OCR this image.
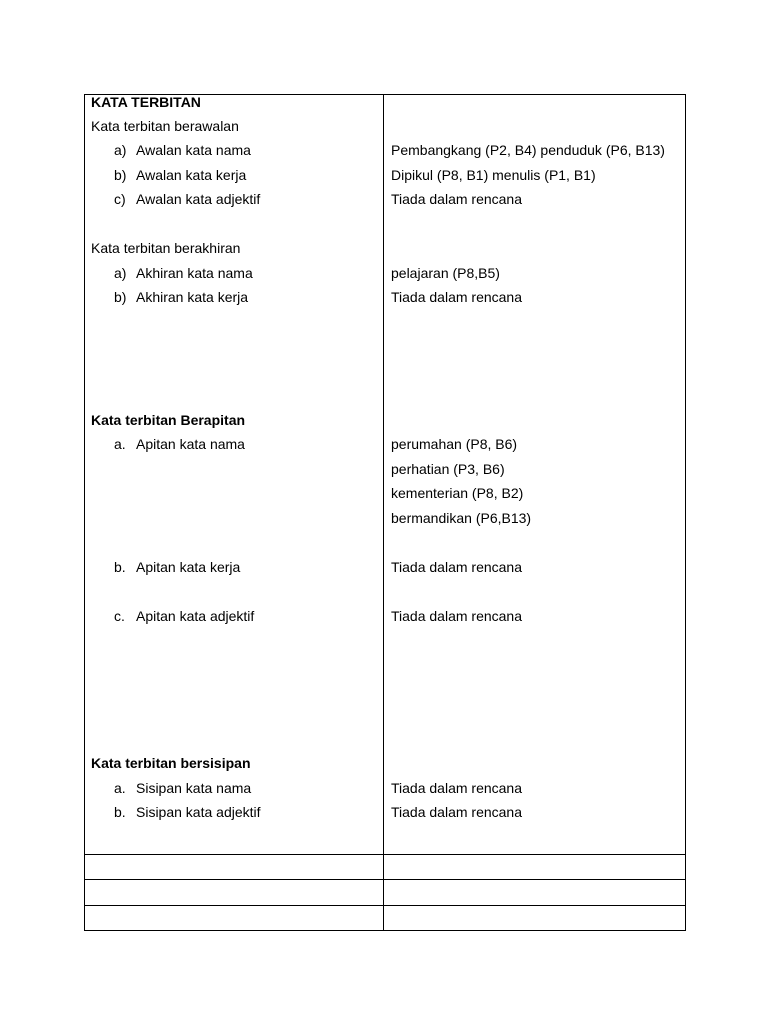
KATA TERBITAN
Kata terbitan berawalan
a) Awalan kata nama	Pembangkang (P2, B4) penduduk (P6, B13)
b) Awalan kata kerja	Dipikul (P8, B1) menulis (P1, B1)
c) Awalan kata adjektif	Tiada dalam rencana
Kata terbitan berakhiran
a) Akhiran kata nama	pelajaran (P8,B5)
b) Akhiran kata kerja	Tiada dalam rencana
Kata terbitan Berapitan
a. Apitan kata nama	perumahan (P8, B6)
perhatian (P3, B6)
kementerian (P8, B2)
bermandikan (P6,B13)
b. Apitan kata kerja	Tiada dalam rencana
c. Apitan kata adjektif	Tiada dalam rencana
Kata terbitan bersisipan
a. Sisipan kata nama	Tiada dalam rencana
b. Sisipan kata adjektif	Tiada dalam rencana
